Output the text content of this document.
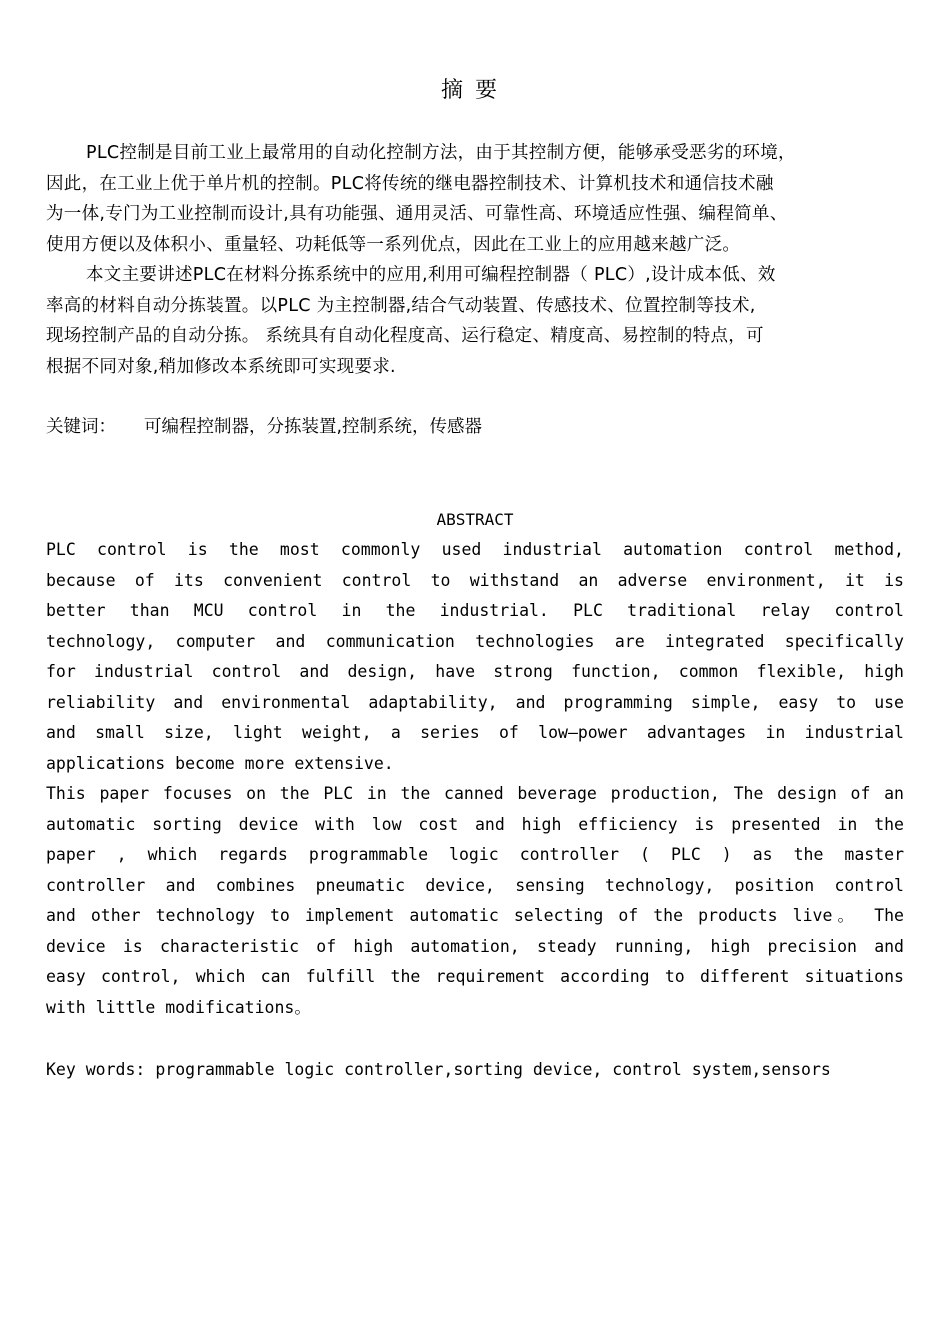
摘要
PLC控制是目前工业上最常用的自动化控制方法，由于其控制方便，能够承受恶劣的环境，
因此，在工业上优于单片机的控制。PLC将传统的继电器控制技术、计算机技术和通信技术融
为一体,专门为工业控制而设计,具有功能强、通用灵活、可靠性高、环境适应性强、编程简单、
使用方便以及体积小、重量轻、功耗低等一系列优点，因此在工业上的应用越来越广泛。
本文主要讲述PLC在材料分拣系统中的应用,利用可编程控制器（ PLC）,设计成本低、效
率高的材料自动分拣装置。以PLC 为主控制器,结合气动装置、传感技术、位置控制等技术,
现场控制产品的自动分拣。 系统具有自动化程度高、运行稳定、精度高、易控制的特点，可
根据不同对象,稍加修改本系统即可实现要求.
关键词： 可编程控制器，分拣装置,控制系统，传感器
ABSTRACT
PLC control is the most commonly used industrial automation control method,
because of its convenient control to withstand an adverse environment, it is
better than MCU control in the industrial. PLC traditional relay control
technology, computer and communication technologies are integrated specifically
for industrial control and design, have strong function, common flexible, high
reliability and environmental adaptability, and programming simple, easy to use
and small size, light weight, a series of low—power advantages in industrial
applications become more extensive.
This paper focuses on the PLC in the canned beverage production, The design of an
automatic sorting device with low cost and high efficiency is presented in the
paper , which regards programmable logic controller ( PLC ) as the master
controller and combines pneumatic device, sensing technology, position control
and other technology to implement automatic selecting of the products live。 The
device is characteristic of high automation, steady running, high precision and
easy control, which can fulfill the requirement according to different situations
with little modifications。
Key words: programmable logic controller,sorting device, control system,sensors
